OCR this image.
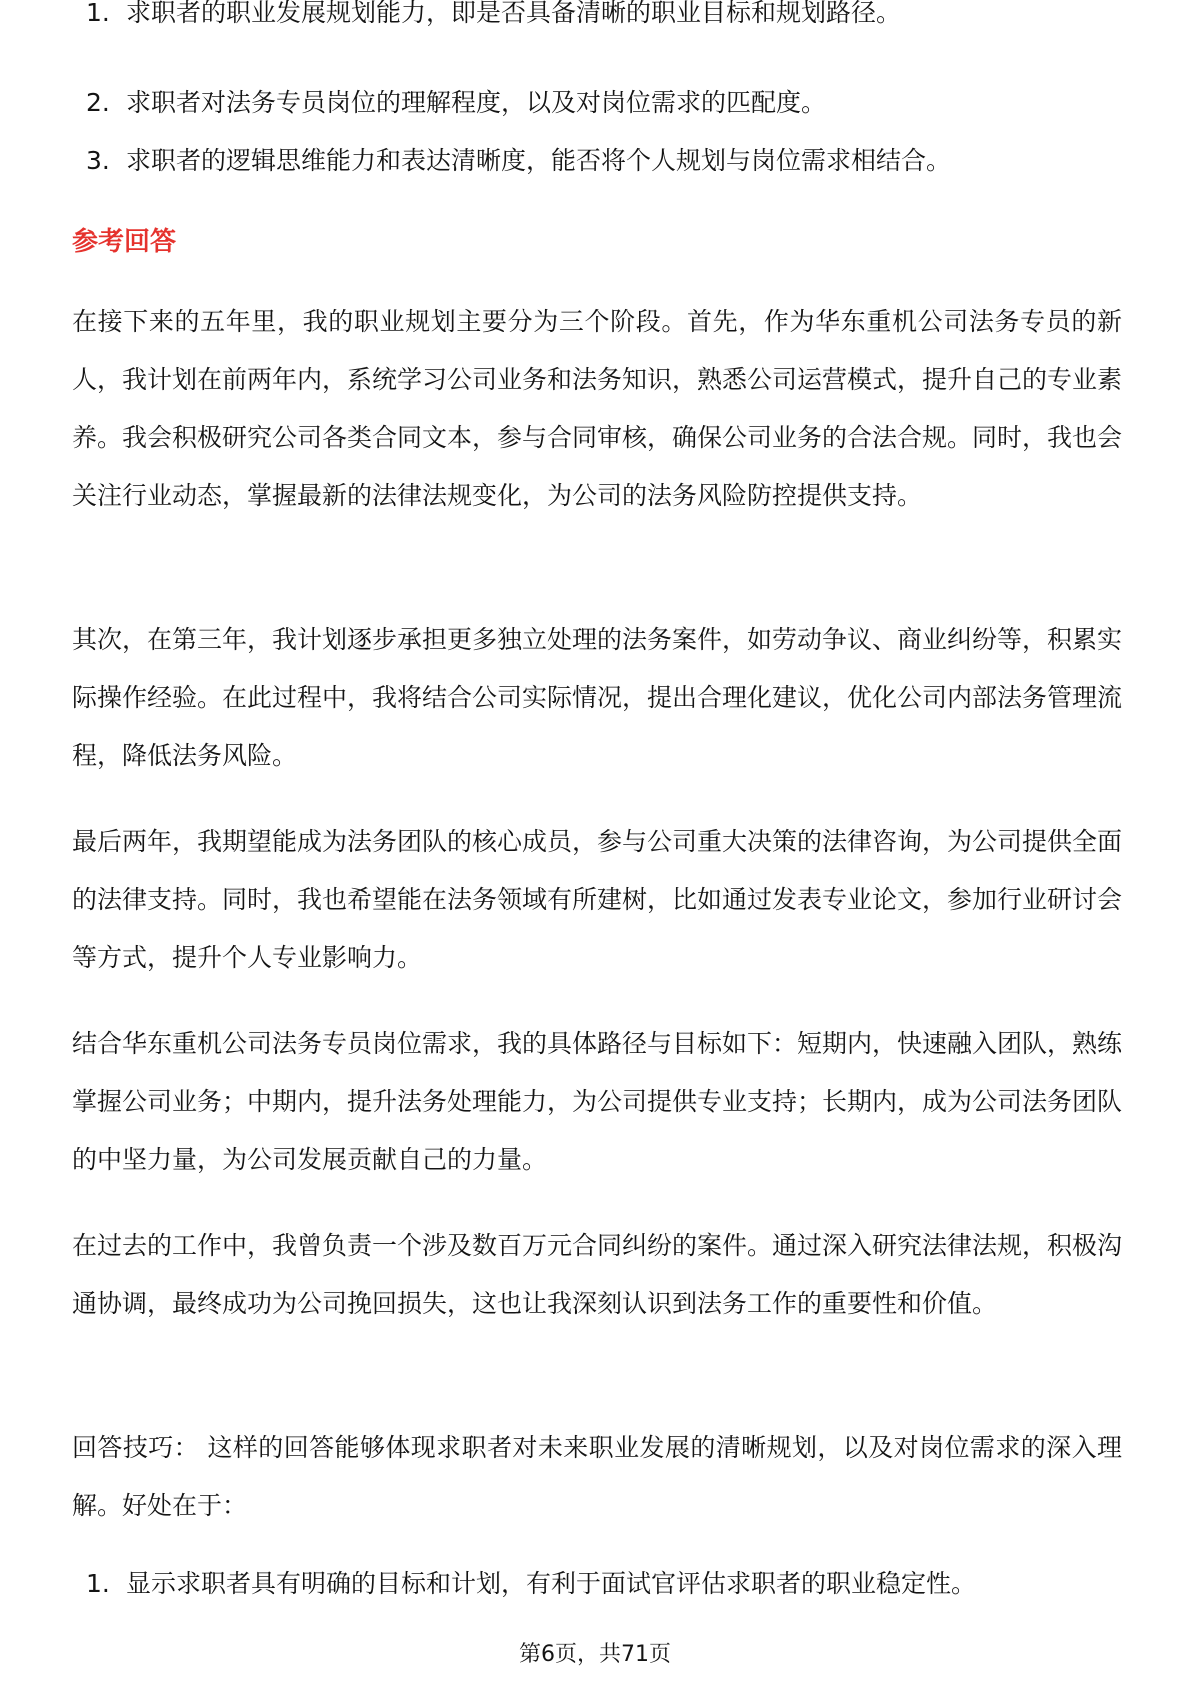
1. 求职者的职业发展规划能力，即是否具备清晰的职业目标和规划路径。
2. 求职者对法务专员岗位的理解程度，以及对岗位需求的匹配度。
3. 求职者的逻辑思维能力和表达清晰度，能否将个人规划与岗位需求相结合。
参考回答

在接下来的五年里，我的职业规划主要分为三个阶段。首先，作为华东重机公司法务专员的新人，我计划在前两年内，系统学习公司业务和法务知识，熟悉公司运营模式，提升自己的专业素养。我会积极研究公司各类合同文本，参与合同审核，确保公司业务的合法合规。同时，我也会关注行业动态，掌握最新的法律法规变化，为公司的法务风险防控提供支持。

其次，在第三年，我计划逐步承担更多独立处理的法务案件，如劳动争议、商业纠纷等，积累实际操作经验。在此过程中，我将结合公司实际情况，提出合理化建议，优化公司内部法务管理流程，降低法务风险。

最后两年，我期望能成为法务团队的核心成员，参与公司重大决策的法律咨询，为公司提供全面的法律支持。同时，我也希望能在法务领域有所建树，比如通过发表专业论文，参加行业研讨会等方式，提升个人专业影响力。

结合华东重机公司法务专员岗位需求，我的具体路径与目标如下：短期内，快速融入团队，熟练掌握公司业务；中期内，提升法务处理能力，为公司提供专业支持；长期内，成为公司法务团队的中坚力量，为公司发展贡献自己的力量。

在过去的工作中，我曾负责一个涉及数百万元合同纠纷的案件。通过深入研究法律法规，积极沟通协调，最终成功为公司挽回损失，这也让我深刻认识到法务工作的重要性和价值。

回答技巧： 这样的回答能够体现求职者对未来职业发展的清晰规划，以及对岗位需求的深入理解。好处在于：

1. 显示求职者具有明确的目标和计划，有利于面试官评估求职者的职业稳定性。
第6页，共71页
